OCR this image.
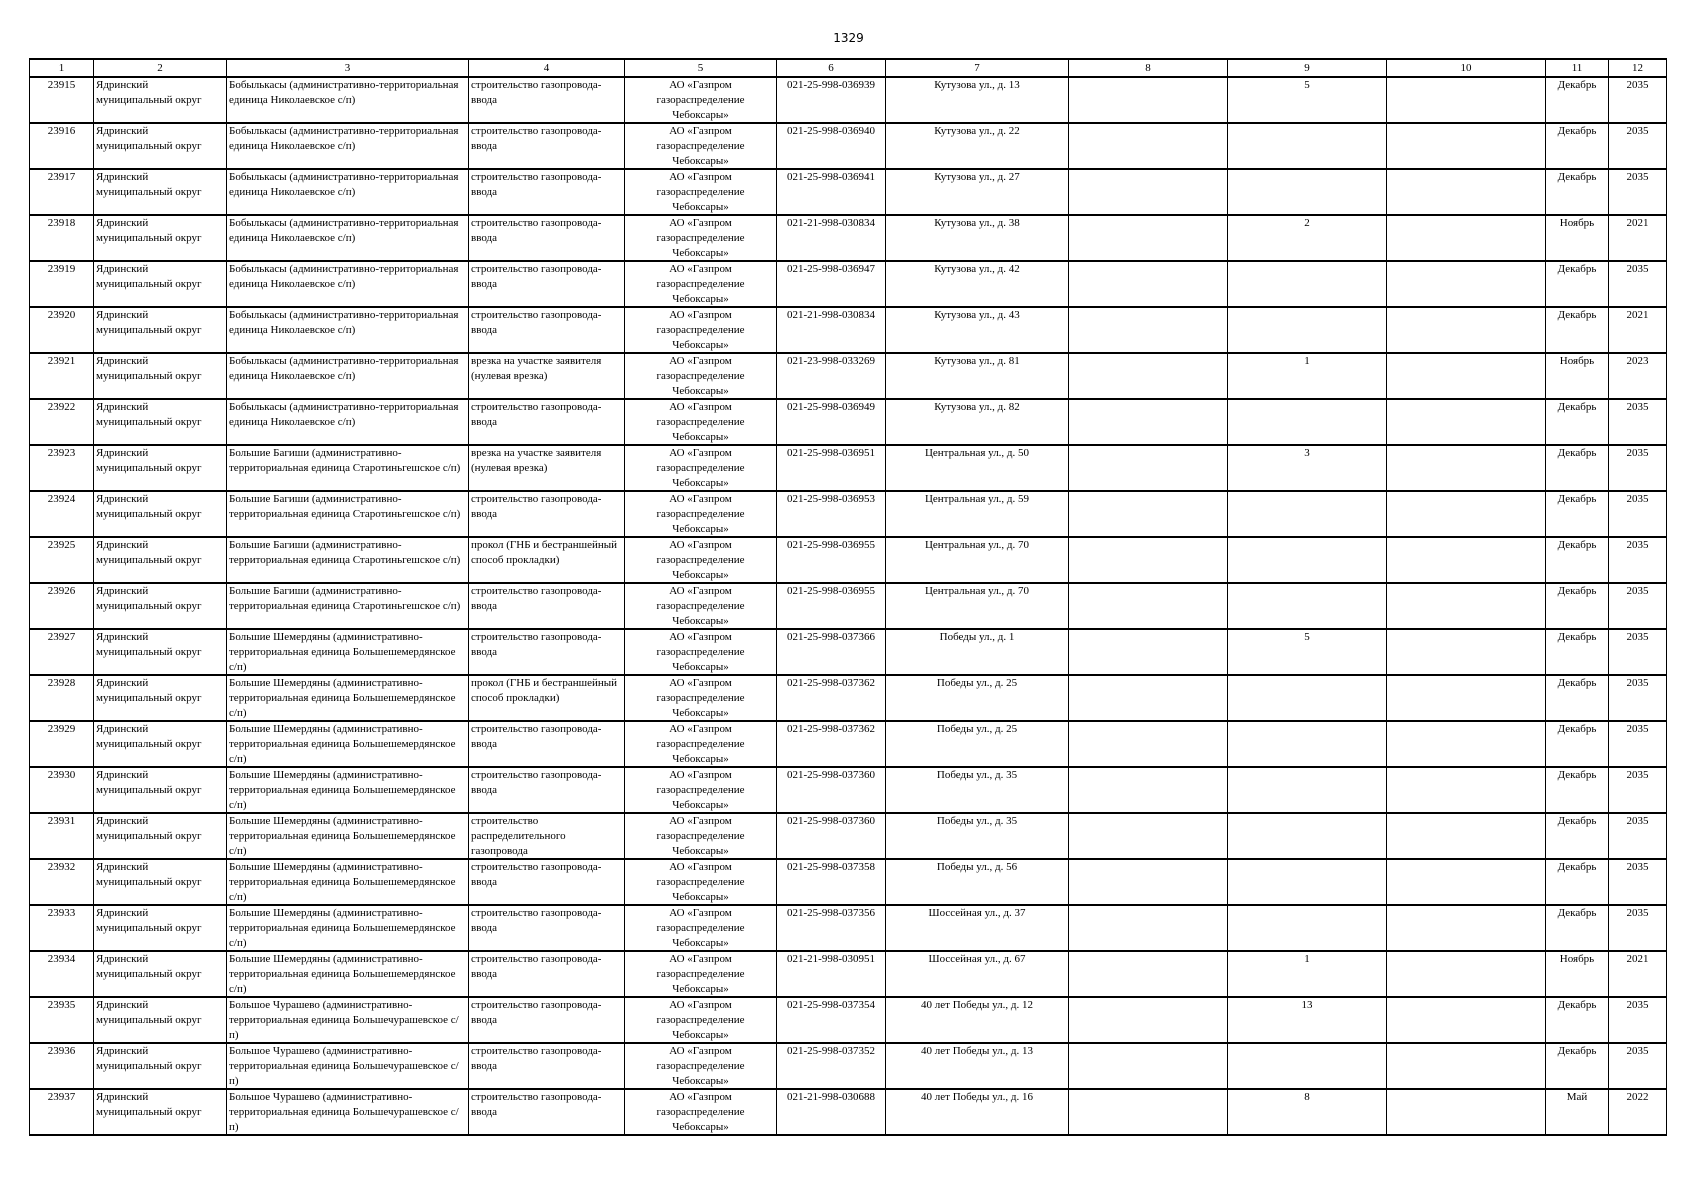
1329
1	2	3	4	5	6	7	8	9	10	11	12

23915	Ядринский муниципальный округ	Бобылькасы (административно-территориальная единица Николаевское с/п)	строительство газопровода-ввода	АО «Газпром газораспределение Чебоксары»	021-25-998-036939	Кутузова ул., д. 13		5		Декабрь	2035

23916	Ядринский муниципальный округ	Бобылькасы (административно-территориальная единица Николаевское с/п)	строительство газопровода-ввода	АО «Газпром газораспределение Чебоксары»	021-25-998-036940	Кутузова ул., д. 22				Декабрь	2035

23917	Ядринский муниципальный округ	Бобылькасы (административно-территориальная единица Николаевское с/п)	строительство газопровода-ввода	АО «Газпром газораспределение Чебоксары»	021-25-998-036941	Кутузова ул., д. 27				Декабрь	2035

23918	Ядринский муниципальный округ	Бобылькасы (административно-территориальная единица Николаевское с/п)	строительство газопровода-ввода	АО «Газпром газораспределение Чебоксары»	021-21-998-030834	Кутузова ул., д. 38		2		Ноябрь	2021

23919	Ядринский муниципальный округ	Бобылькасы (административно-территориальная единица Николаевское с/п)	строительство газопровода-ввода	АО «Газпром газораспределение Чебоксары»	021-25-998-036947	Кутузова ул., д. 42				Декабрь	2035

23920	Ядринский муниципальный округ	Бобылькасы (административно-территориальная единица Николаевское с/п)	строительство газопровода-ввода	АО «Газпром газораспределение Чебоксары»	021-21-998-030834	Кутузова ул., д. 43				Декабрь	2021

23921	Ядринский муниципальный округ	Бобылькасы (административно-территориальная единица Николаевское с/п)	врезка на участке заявителя (нулевая врезка)	АО «Газпром газораспределение Чебоксары»	021-23-998-033269	Кутузова ул., д. 81		1		Ноябрь	2023

23922	Ядринский муниципальный округ	Бобылькасы (административно-территориальная единица Николаевское с/п)	строительство газопровода-ввода	АО «Газпром газораспределение Чебоксары»	021-25-998-036949	Кутузова ул., д. 82				Декабрь	2035

23923	Ядринский муниципальный округ	Большие Багиши (административно-территориальная единица Старотиньгешское с/п)	врезка на участке заявителя (нулевая врезка)	АО «Газпром газораспределение Чебоксары»	021-25-998-036951	Центральная ул., д. 50		3		Декабрь	2035

23924	Ядринский муниципальный округ	Большие Багиши (административно-территориальная единица Старотиньгешское с/п)	строительство газопровода-ввода	АО «Газпром газораспределение Чебоксары»	021-25-998-036953	Центральная ул., д. 59				Декабрь	2035

23925	Ядринский муниципальный округ	Большие Багиши (административно-территориальная единица Старотиньгешское с/п)	прокол (ГНБ и бестраншейный способ прокладки)	АО «Газпром газораспределение Чебоксары»	021-25-998-036955	Центральная ул., д. 70				Декабрь	2035

23926	Ядринский муниципальный округ	Большие Багиши (административно-территориальная единица Старотиньгешское с/п)	строительство газопровода-ввода	АО «Газпром газораспределение Чебоксары»	021-25-998-036955	Центральная ул., д. 70				Декабрь	2035

23927	Ядринский муниципальный округ	Большие Шемердяны (административно-территориальная единица Большешемердянское с/п)	строительство газопровода-ввода	АО «Газпром газораспределение Чебоксары»	021-25-998-037366	Победы ул., д. 1		5		Декабрь	2035

23928	Ядринский муниципальный округ	Большие Шемердяны (административно-территориальная единица Большешемердянское с/п)	прокол (ГНБ и бестраншейный способ прокладки)	АО «Газпром газораспределение Чебоксары»	021-25-998-037362	Победы ул., д. 25				Декабрь	2035

23929	Ядринский муниципальный округ	Большие Шемердяны (административно-территориальная единица Большешемердянское с/п)	строительство газопровода-ввода	АО «Газпром газораспределение Чебоксары»	021-25-998-037362	Победы ул., д. 25				Декабрь	2035

23930	Ядринский муниципальный округ	Большие Шемердяны (административно-территориальная единица Большешемердянское с/п)	строительство газопровода-ввода	АО «Газпром газораспределение Чебоксары»	021-25-998-037360	Победы ул., д. 35				Декабрь	2035

23931	Ядринский муниципальный округ	Большие Шемердяны (административно-территориальная единица Большешемердянское с/п)	строительство распределительного газопровода	АО «Газпром газораспределение Чебоксары»	021-25-998-037360	Победы ул., д. 35				Декабрь	2035

23932	Ядринский муниципальный округ	Большие Шемердяны (административно-территориальная единица Большешемердянское с/п)	строительство газопровода-ввода	АО «Газпром газораспределение Чебоксары»	021-25-998-037358	Победы ул., д. 56				Декабрь	2035

23933	Ядринский муниципальный округ	Большие Шемердяны (административно-территориальная единица Большешемердянское с/п)	строительство газопровода-ввода	АО «Газпром газораспределение Чебоксары»	021-25-998-037356	Шоссейная ул., д. 37				Декабрь	2035

23934	Ядринский муниципальный округ	Большие Шемердяны (административно-территориальная единица Большешемердянское с/п)	строительство газопровода-ввода	АО «Газпром газораспределение Чебоксары»	021-21-998-030951	Шоссейная ул., д. 67		1		Ноябрь	2021

23935	Ядринский муниципальный округ	Большое Чурашево (административно-территориальная единица Большечурашевское с/п)	строительство газопровода-ввода	АО «Газпром газораспределение Чебоксары»	021-25-998-037354	40 лет Победы ул., д. 12		13		Декабрь	2035

23936	Ядринский муниципальный округ	Большое Чурашево (административно-территориальная единица Большечурашевское с/п)	строительство газопровода-ввода	АО «Газпром газораспределение Чебоксары»	021-25-998-037352	40 лет Победы ул., д. 13				Декабрь	2035

23937	Ядринский муниципальный округ	Большое Чурашево (административно-территориальная единица Большечурашевское с/п)	строительство газопровода-ввода	АО «Газпром газораспределение Чебоксары»	021-21-998-030688	40 лет Победы ул., д. 16		8		Май	2022
